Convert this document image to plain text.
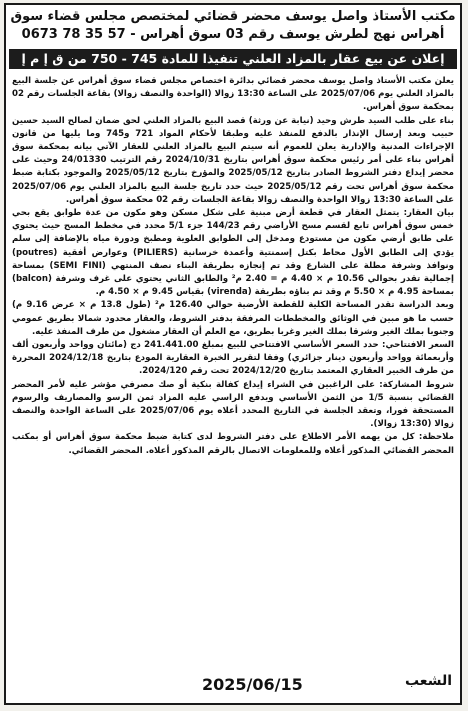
مكتب الأستاذ واصل يوسف محضر قضائي لمختصص مجلس قضاء سوق
أهراس نهج لطرش يوسف رقم 03 سوق أهراس - 57 35 78 0673
إعلان عن بيع عقار بالمزاد العلني تنفيذا للمادة 745 - 750 من ق إ م إ

يعلن مكتب الأستاذ واصل يوسف محضر قضائي بدائرة اختصاص مجلس قضاء سوق أهراس عن جلسة البيع بالمزاد العلني يوم 2025/07/06 على الساعة 13:30 زوالا (الواحدة والنصف زوالا) بقاعة الجلسات رقم 02 بمحكمة سوق أهراس.

بناء على طلب السيد طرش وحيد (نيابة عن ورثة) قصد البيع بالمزاد العلني لحق ضمان لصالح السيد حسين حبيب وبعد إرسال الإنذار بالدفع للمنفذ عليه وطبقا لأحكام المواد 721 و745 وما يليها من قانون الإجراءات المدنية والإدارية يعلن للعموم أنه سيتم البيع بالمزاد العلني للعقار الآتي بيانه بمحكمة سوق أهراس بناء على أمر رئيس محكمة سوق أهراس بتاريخ 2024/10/31 رقم الترتيب 24/01330 وحيث على محضر إيداع دفتر الشروط الصادر بتاريخ 2025/05/12 والمؤرخ بتاريخ 2025/05/12 والموجود بكتابة ضبط محكمة سوق أهراس تحت رقم 2025/05/12 حيث حدد تاريخ جلسة البيع بالمزاد العلني يوم 2025/07/06 على الساعة 13:30 زوالا الواحدة والنصف زوالا بقاعة الجلسات رقم 02 محكمة سوق أهراس.

بيان العقار: يتمثل العقار في قطعة أرض مبنية على شكل مسكن وهو مكون من عدة طوابق يقع بحي خمس سوق أهراس تابع لقسم مسح الأراضي رقم 144/23 جزء 5/1 محدد في مخطط المسح حيث يحتوي على طابق أرضي مكون من مستودع ومدخل إلى الطوابق العلوية ومطبخ ودورة مياه بالإضافة إلى سلم يؤدي إلى الطابق الأول محاط بكتل إسمنتية وأعمدة خرسانية (PILIERS) وعوارض أفقية (poutres) ونوافذ وشرفة مطلة على الشارع وقد تم إنجازه بطريقة البناء نصف المنتهي (SEMI FINI) بمساحة إجمالية تقدر بحوالي 10.56 م × 4.40 م = 2.40 م² والطابق الثاني يحتوي على غرف وشرفة (balcon) بمساحة 4.95 م × 5.50 م وقد تم بناؤه بطريقة (virenda) بقياس 9.45 م × 4.50 م.

وبعد الدراسة تقدر المساحة الكلية للقطعة الأرضية حوالي 126.40 م² (طول 13.8 م × عرض 9.16 م) حسب ما هو مبين في الوثائق والمخططات المرفقة بدفتر الشروط، والعقار محدود شمالا بطريق عمومي وجنوبا بملك الغير وشرقا بملك الغير وغربا بطريق، مع العلم أن العقار مشغول من طرف المنفذ عليه.

السعر الافتتاحي: حدد السعر الأساسي الافتتاحي للبيع بمبلغ 241.441.00 دج (مائتان وواحد وأربعون ألف وأربعمائة وواحد وأربعون دينار جزائري) وفقا لتقرير الخبرة العقارية المودع بتاريخ 2024/12/18 المحررة من طرف الخبير العقاري المعتمد بتاريخ 2024/12/20 تحت رقم 2024/120.

شروط المشاركة: على الراغبين في الشراء إيداع كفالة بنكية أو صك مصرفي مؤشر عليه لأمر المحضر القضائي بنسبة 1/5 من الثمن الأساسي ويدفع الراسي عليه المزاد ثمن الرسو والمصاريف والرسوم المستحقة فورا، وتعقد الجلسة في التاريخ المحدد أعلاه يوم 2025/07/06 على الساعة الواحدة والنصف زوالا (13:30 زوالا).

ملاحظة: كل من يهمه الأمر الاطلاع على دفتر الشروط لدى كتابة ضبط محكمة سوق أهراس أو بمكتب المحضر القضائي المذكور أعلاه وللمعلومات الاتصال بالرقم المذكور أعلاه. المحضر القضائي.

الشعب
2025/06/15
